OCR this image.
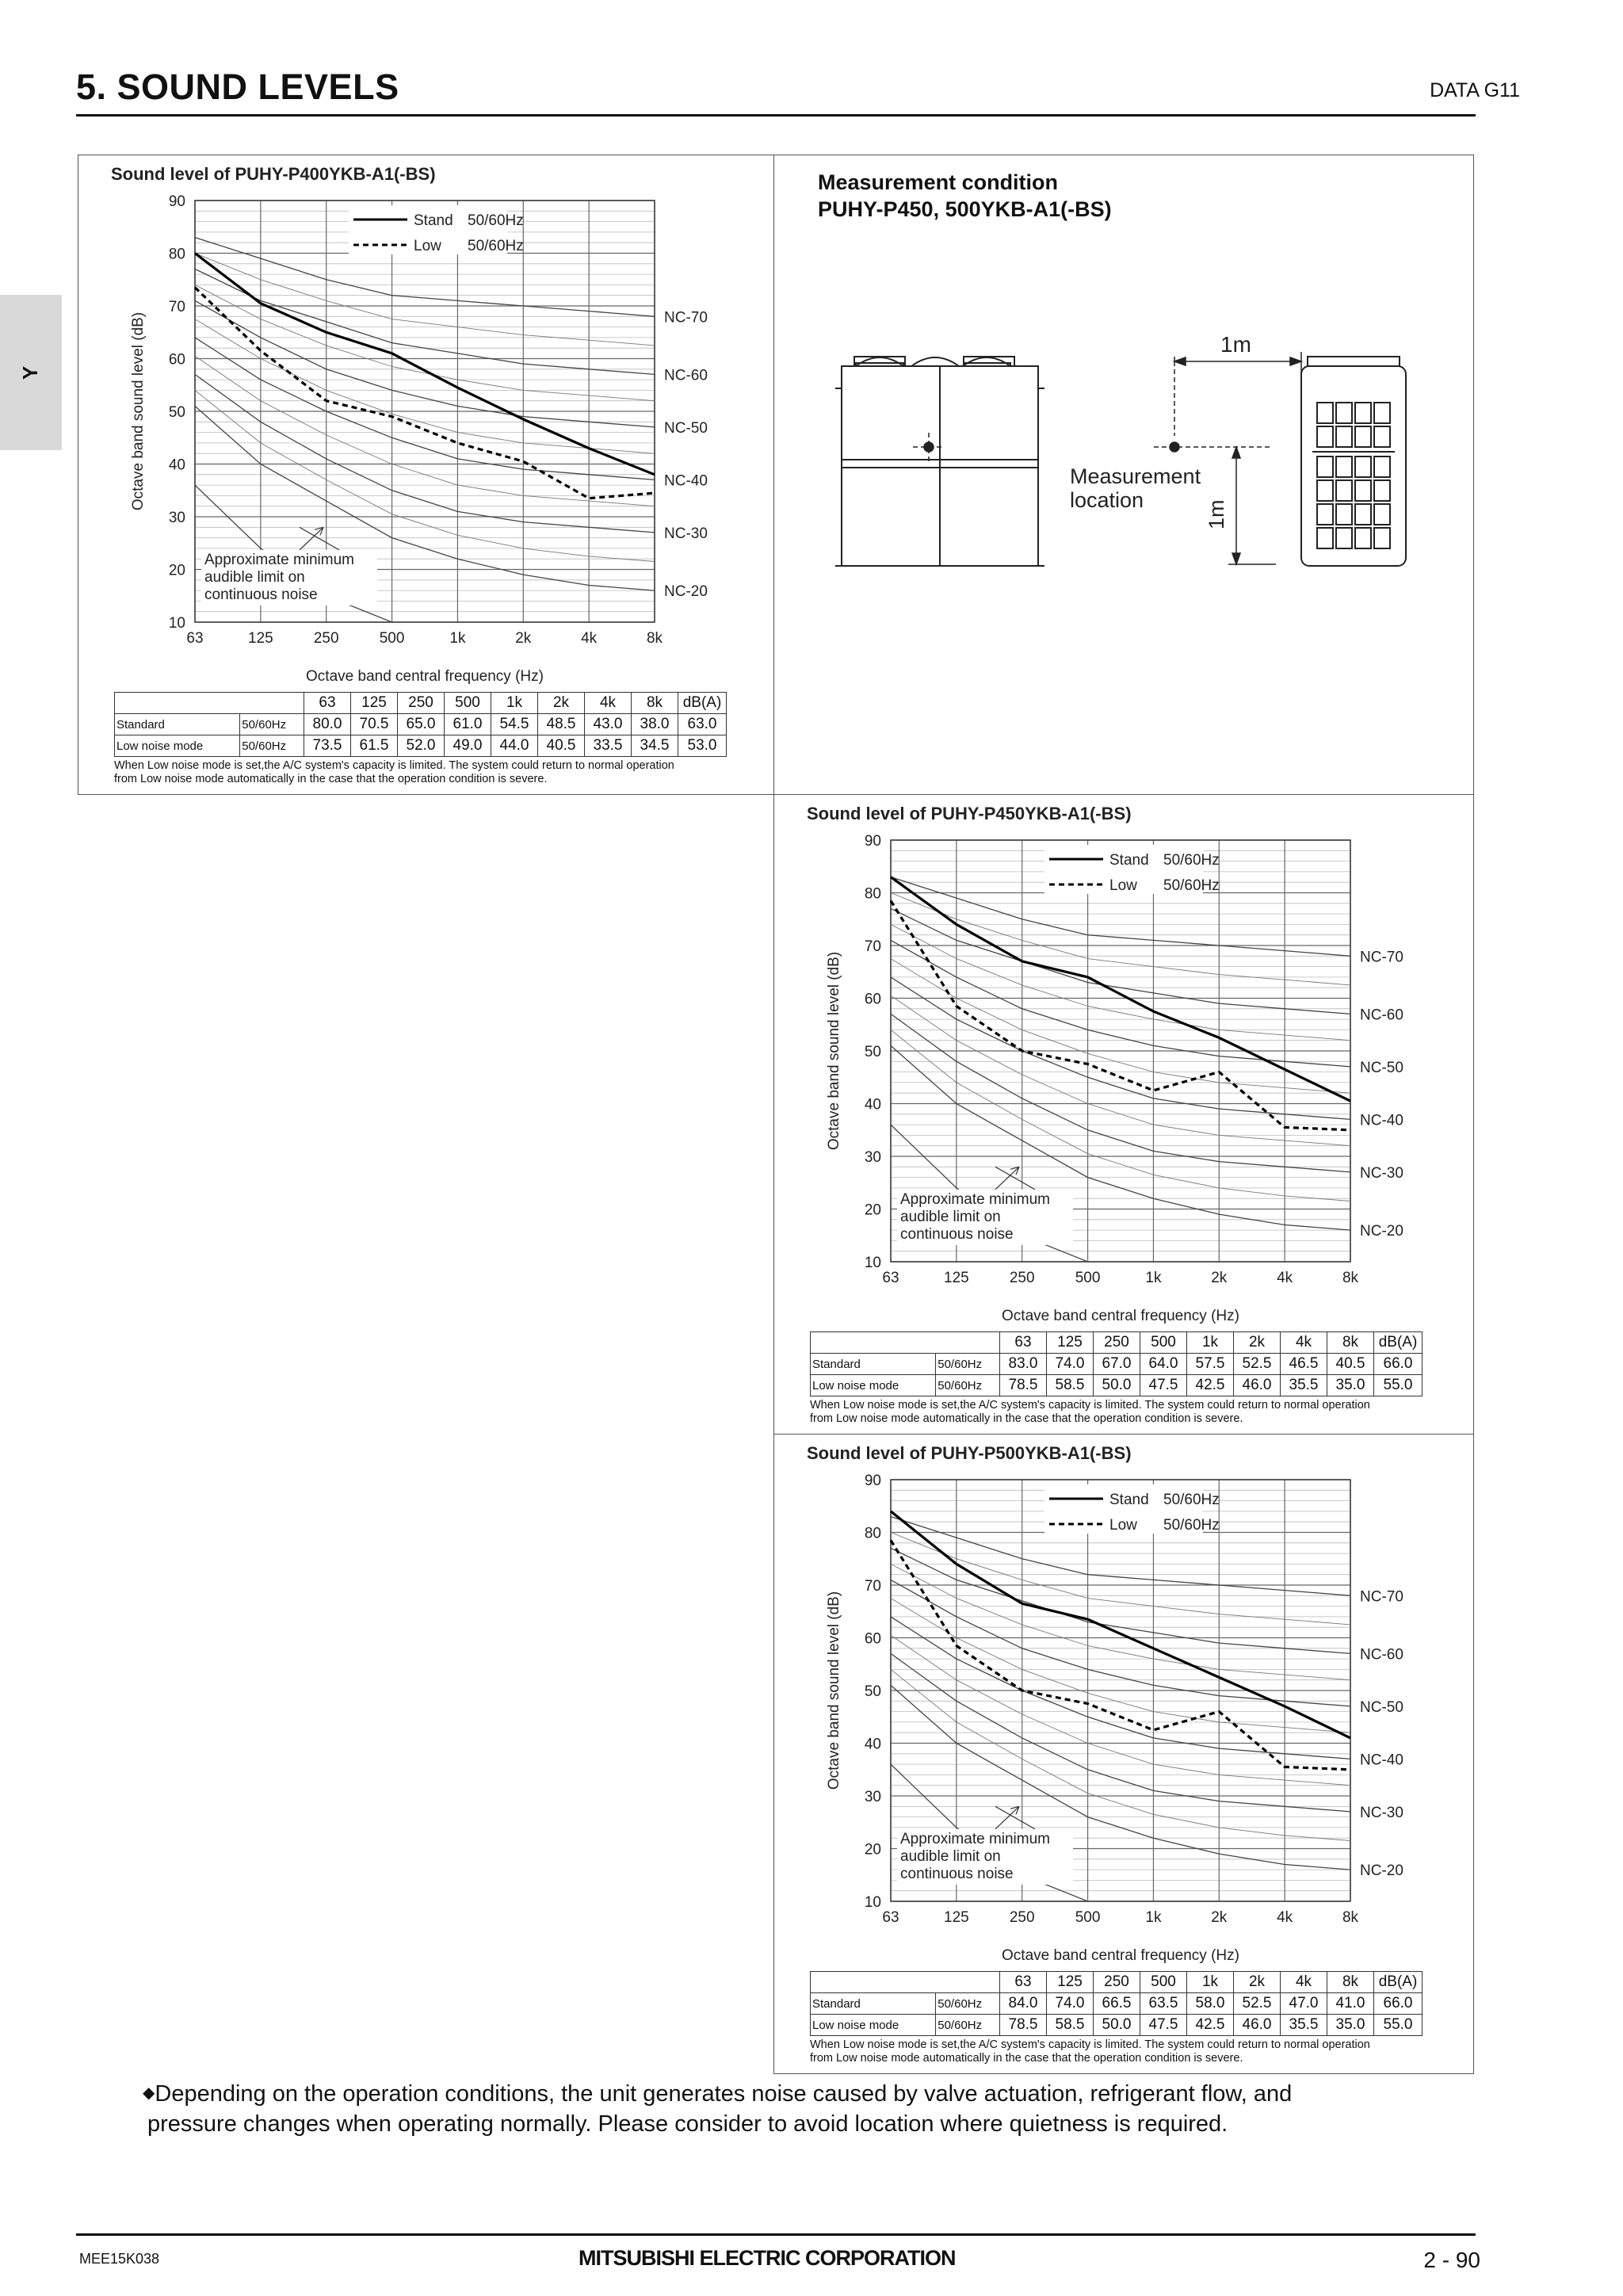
5. SOUND LEVELS	DATA G11
Y
Measurement condition
PUHY-P450, 500YKB-A1(-BS)
1m
Measurement
location	1m
Sound level of PUHY-P400YKB-A1(-BS)
90
80
70
60
50
40
30
20
10
63	125	250	500	1k	2k	4k	8k
Octave band central frequency (Hz)
Octave band sound level (dB)	NC-70
NC-60
NC-50
NC-40
NC-30
NC-20
Stand 50/60Hz
Low 50/60Hz
Approximate minimum
audible limit on
continuous noise
		63	125	250	500	1k	2k	4k	8k	dB(A)
Standard	50/60Hz	80.0	70.5	65.0	61.0	54.5	48.5	43.0	38.0	63.0
Low noise mode	50/60Hz	73.5	61.5	52.0	49.0	44.0	40.5	33.5	34.5	53.0
When Low noise mode is set,the A/C system's capacity is limited. The system could return to normal operation
from Low noise mode automatically in the case that the operation condition is severe.
Sound level of PUHY-P450YKB-A1(-BS)
90
80
70
60
50
40
30
20
10
63	125	250	500	1k	2k	4k	8k
Octave band central frequency (Hz)
Octave band sound level (dB)	NC-70
NC-60
NC-50
NC-40
NC-30
NC-20
Stand 50/60Hz
Low 50/60Hz
Approximate minimum
audible limit on
continuous noise
		63	125	250	500	1k	2k	4k	8k	dB(A)
Standard	50/60Hz	83.0	74.0	67.0	64.0	57.5	52.5	46.5	40.5	66.0
Low noise mode	50/60Hz	78.5	58.5	50.0	47.5	42.5	46.0	35.5	35.0	55.0
When Low noise mode is set,the A/C system's capacity is limited. The system could return to normal operation
from Low noise mode automatically in the case that the operation condition is severe.
Sound level of PUHY-P500YKB-A1(-BS)
90
80
70
60
50
40
30
20
10
63	125	250	500	1k	2k	4k	8k
Octave band central frequency (Hz)
Octave band sound level (dB)	NC-70
NC-60
NC-50
NC-40
NC-30
NC-20
Stand 50/60Hz
Low 50/60Hz
Approximate minimum
audible limit on
continuous noise
		63	125	250	500	1k	2k	4k	8k	dB(A)
Standard	50/60Hz	84.0	74.0	66.5	63.5	58.0	52.5	47.0	41.0	66.0
Low noise mode	50/60Hz	78.5	58.5	50.0	47.5	42.5	46.0	35.5	35.0	55.0
When Low noise mode is set,the A/C system's capacity is limited. The system could return to normal operation
from Low noise mode automatically in the case that the operation condition is severe.
◆Depending on the operation conditions, the unit generates noise caused by valve actuation, refrigerant flow, and
pressure changes when operating normally. Please consider to avoid location where quietness is required.
MEE15K038	MITSUBISHI ELECTRIC CORPORATION	2 - 90
